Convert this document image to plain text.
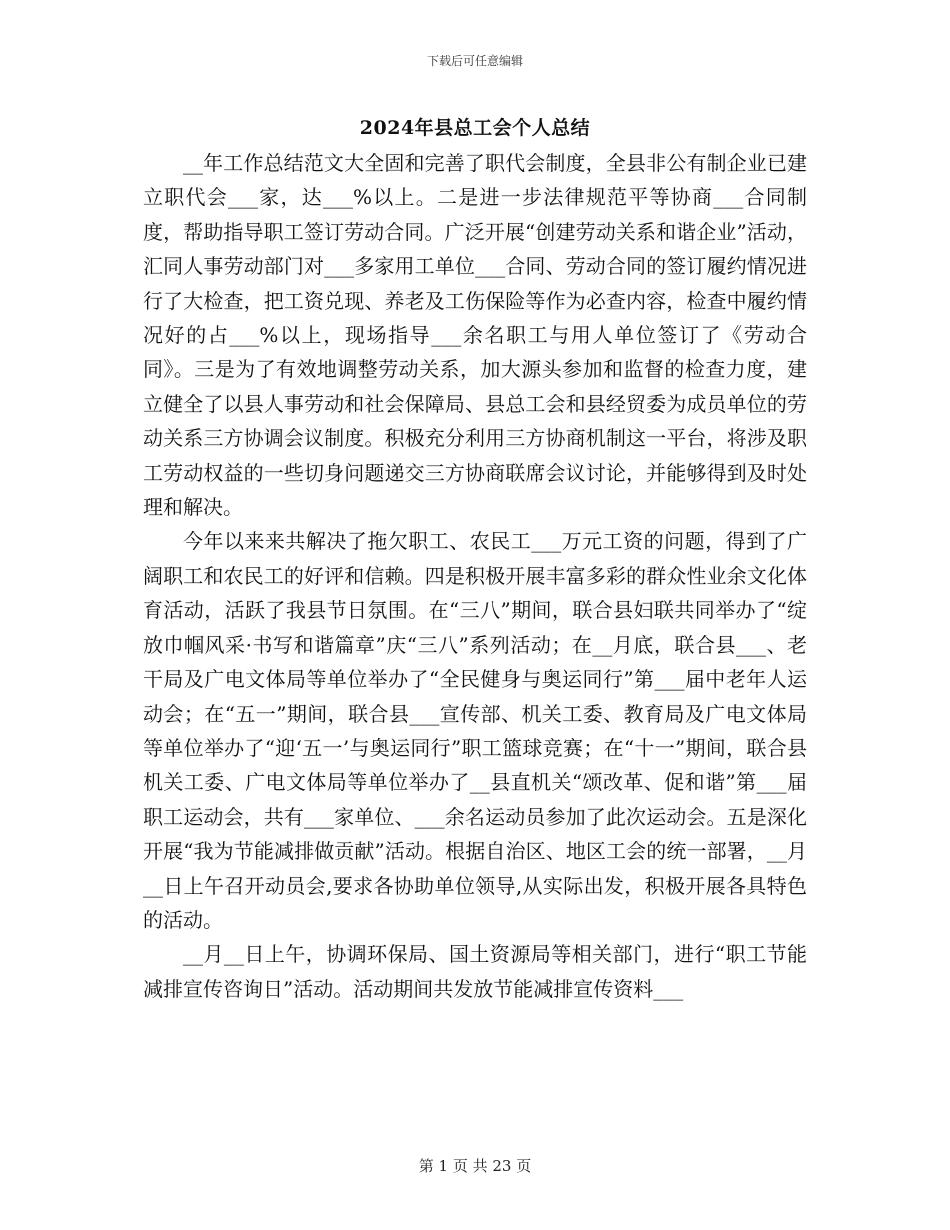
下载后可任意编辑
2024年县总工会个人总结

__年工作总结范文大全固和完善了职代会制度，全县非公有制企业已建立职代会___家，达___%以上。二是进一步法律规范平等协商___合同制度，帮助指导职工签订劳动合同。广泛开展“创建劳动关系和谐企业”活动，汇同人事劳动部门对___多家用工单位___合同、劳动合同的签订履约情况进行了大检查，把工资兑现、养老及工伤保险等作为必查内容，检查中履约情况好的占___%以上，现场指导___余名职工与用人单位签订了《劳动合同》。三是为了有效地调整劳动关系，加大源头参加和监督的检查力度，建立健全了以县人事劳动和社会保障局、县总工会和县经贸委为成员单位的劳动关系三方协调会议制度。积极充分利用三方协商机制这一平台，将涉及职工劳动权益的一些切身问题递交三方协商联席会议讨论，并能够得到及时处理和解决。

今年以来来共解决了拖欠职工、农民工___万元工资的问题，得到了广阔职工和农民工的好评和信赖。四是积极开展丰富多彩的群众性业余文化体育活动，活跃了我县节日氛围。在“三八”期间，联合县妇联共同举办了“绽放巾帼风采·书写和谐篇章”庆“三八”系列活动；在__月底，联合县___、老干局及广电文体局等单位举办了“全民健身与奥运同行”第___届中老年人运动会；在“五一”期间，联合县___宣传部、机关工委、教育局及广电文体局等单位举办了“迎‘五一’与奥运同行”职工篮球竞赛；在“十一”期间，联合县机关工委、广电文体局等单位举办了__县直机关“颂改革、促和谐”第___届职工运动会，共有___家单位、___余名运动员参加了此次运动会。五是深化开展“我为节能减排做贡献”活动。根据自治区、地区工会的统一部署，__月__日上午召开动员会,要求各协助单位领导,从实际出发，积极开展各具特色的活动。

__月__日上午，协调环保局、国土资源局等相关部门，进行“职工节能减排宣传咨询日”活动。活动期间共发放节能减排宣传资料___

第 1 页 共 23 页
